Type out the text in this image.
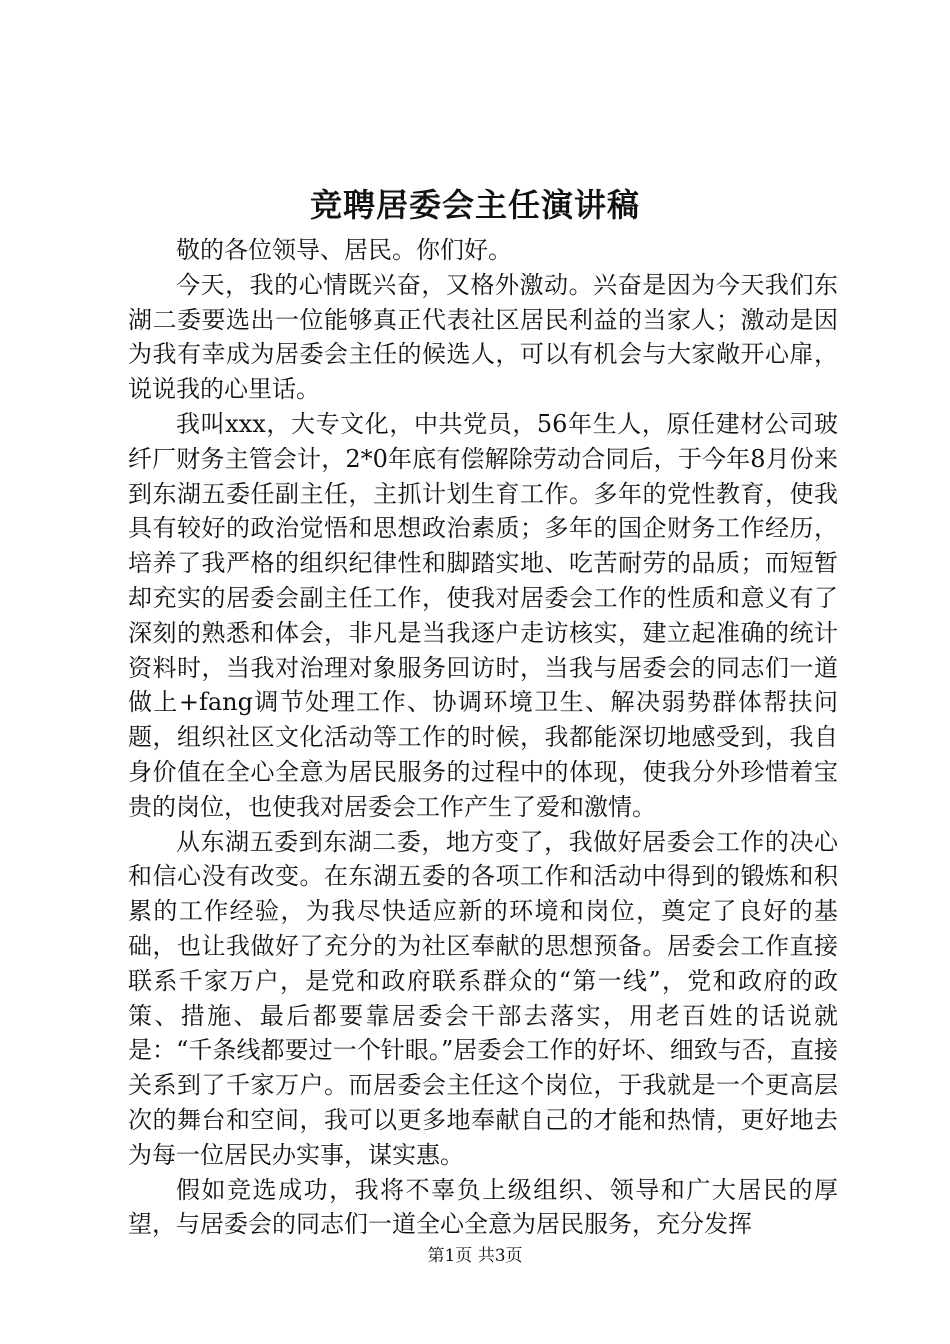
竞聘居委会主任演讲稿

敬的各位领导、居民。你们好。

今天，我的心情既兴奋，又格外激动。兴奋是因为今天我们东湖二委要选出一位能够真正代表社区居民利益的当家人；激动是因为我有幸成为居委会主任的候选人，可以有机会与大家敞开心扉，说说我的心里话。

我叫xxx，大专文化，中共党员，56年生人，原任建材公司玻纤厂财务主管会计，2*0年底有偿解除劳动合同后，于今年8月份来到东湖五委任副主任，主抓计划生育工作。多年的党性教育，使我具有较好的政治觉悟和思想政治素质；多年的国企财务工作经历，培养了我严格的组织纪律性和脚踏实地、吃苦耐劳的品质；而短暂却充实的居委会副主任工作，使我对居委会工作的性质和意义有了深刻的熟悉和体会，非凡是当我逐户走访核实，建立起准确的统计资料时，当我对治理对象服务回访时，当我与居委会的同志们一道做上+fang调节处理工作、协调环境卫生、解决弱势群体帮扶问题，组织社区文化活动等工作的时候，我都能深切地感受到，我自身价值在全心全意为居民服务的过程中的体现，使我分外珍惜着宝贵的岗位，也使我对居委会工作产生了爱和激情。

从东湖五委到东湖二委，地方变了，我做好居委会工作的决心和信心没有改变。在东湖五委的各项工作和活动中得到的锻炼和积累的工作经验，为我尽快适应新的环境和岗位，奠定了良好的基础，也让我做好了充分的为社区奉献的思想预备。居委会工作直接联系千家万户，是党和政府联系群众的“第一线”，党和政府的政策、措施、最后都要靠居委会干部去落实，用老百姓的话说就是：“千条线都要过一个针眼。”居委会工作的好坏、细致与否，直接关系到了千家万户。而居委会主任这个岗位，于我就是一个更高层次的舞台和空间，我可以更多地奉献自己的才能和热情，更好地去为每一位居民办实事，谋实惠。

假如竞选成功，我将不辜负上级组织、领导和广大居民的厚望，与居委会的同志们一道全心全意为居民服务，充分发挥

第1页 共3页
